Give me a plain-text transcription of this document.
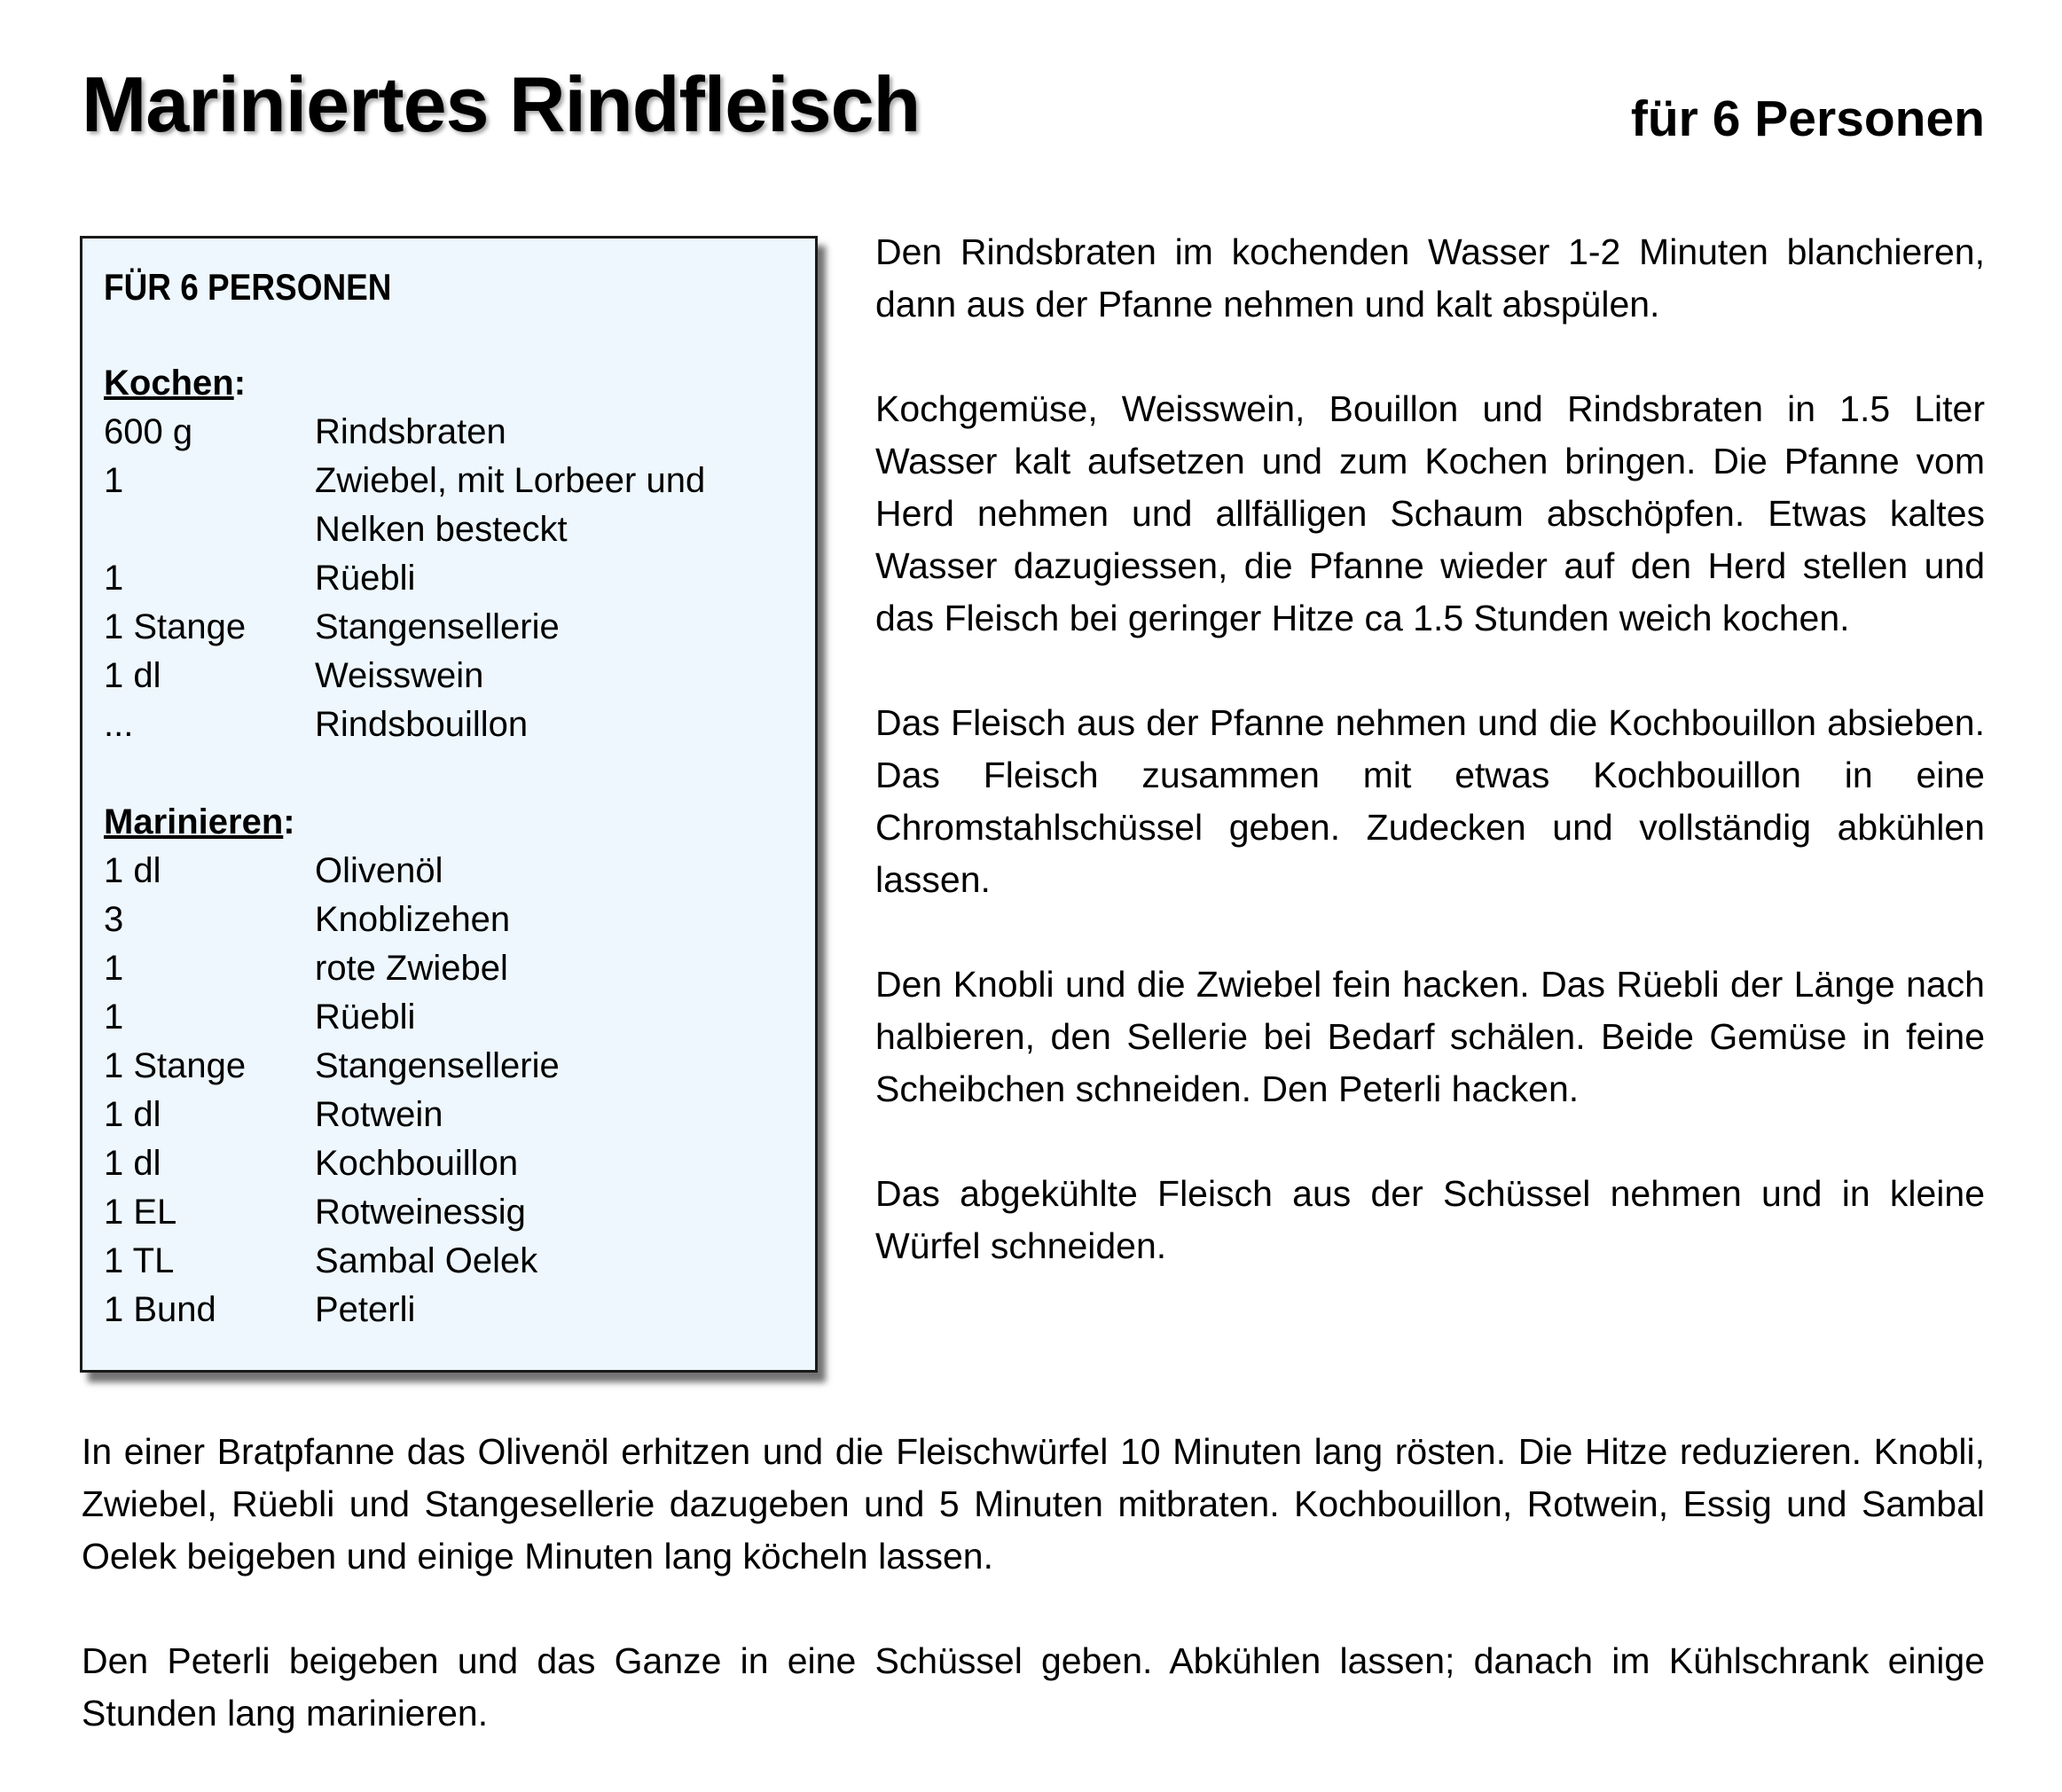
Mariniertes Rindfleisch	für 6 Personen
FÜR 6 PERSONEN
Kochen:
600 g	Rindsbraten
1	Zwiebel, mit Lorbeer und
Nelken besteckt
1	Rüebli
1 Stange	Stangensellerie
1 dl	Weisswein
...	Rindsbouillon
Marinieren:
1 dl	Olivenöl
3	Knoblizehen
1	rote Zwiebel
1	Rüebli
1 Stange	Stangensellerie
1 dl	Rotwein
1 dl	Kochbouillon
1 EL	Rotweinessig
1 TL	Sambal Oelek
1 Bund	Peterli

Den Rindsbraten im kochenden Wasser 1-2 Minuten blanchieren, dann aus der Pfanne nehmen und kalt abspülen.

Kochgemüse, Weisswein, Bouillon und Rindsbraten in 1.5 Liter Wasser kalt aufsetzen und zum Kochen bringen. Die Pfanne vom Herd nehmen und allfälligen Schaum abschöpfen. Etwas kaltes Wasser dazugiessen, die Pfanne wieder auf den Herd stellen und das Fleisch bei geringer Hitze ca 1.5 Stunden weich kochen.

Das Fleisch aus der Pfanne nehmen und die Kochbouillon absieben. Das Fleisch zusammen mit etwas Kochbouillon in eine Chromstahlschüssel geben. Zudecken und vollständig abkühlen lassen.

Den Knobli und die Zwiebel fein hacken. Das Rüebli der Länge nach halbieren, den Sellerie bei Bedarf schälen. Beide Gemüse in feine Scheibchen schneiden. Den Peterli hacken.

Das abgekühlte Fleisch aus der Schüssel nehmen und in kleine Würfel schneiden.

In einer Bratpfanne das Olivenöl erhitzen und die Fleischwürfel 10 Minuten lang rösten. Die Hitze reduzieren. Knobli, Zwiebel, Rüebli und Stangesellerie dazugeben und 5 Minuten mitbraten. Kochbouillon, Rotwein, Essig und Sambal Oelek beigeben und einige Minuten lang köcheln lassen.

Den Peterli beigeben und das Ganze in eine Schüssel geben. Abkühlen lassen; danach im Kühlschrank einige Stunden lang marinieren.
